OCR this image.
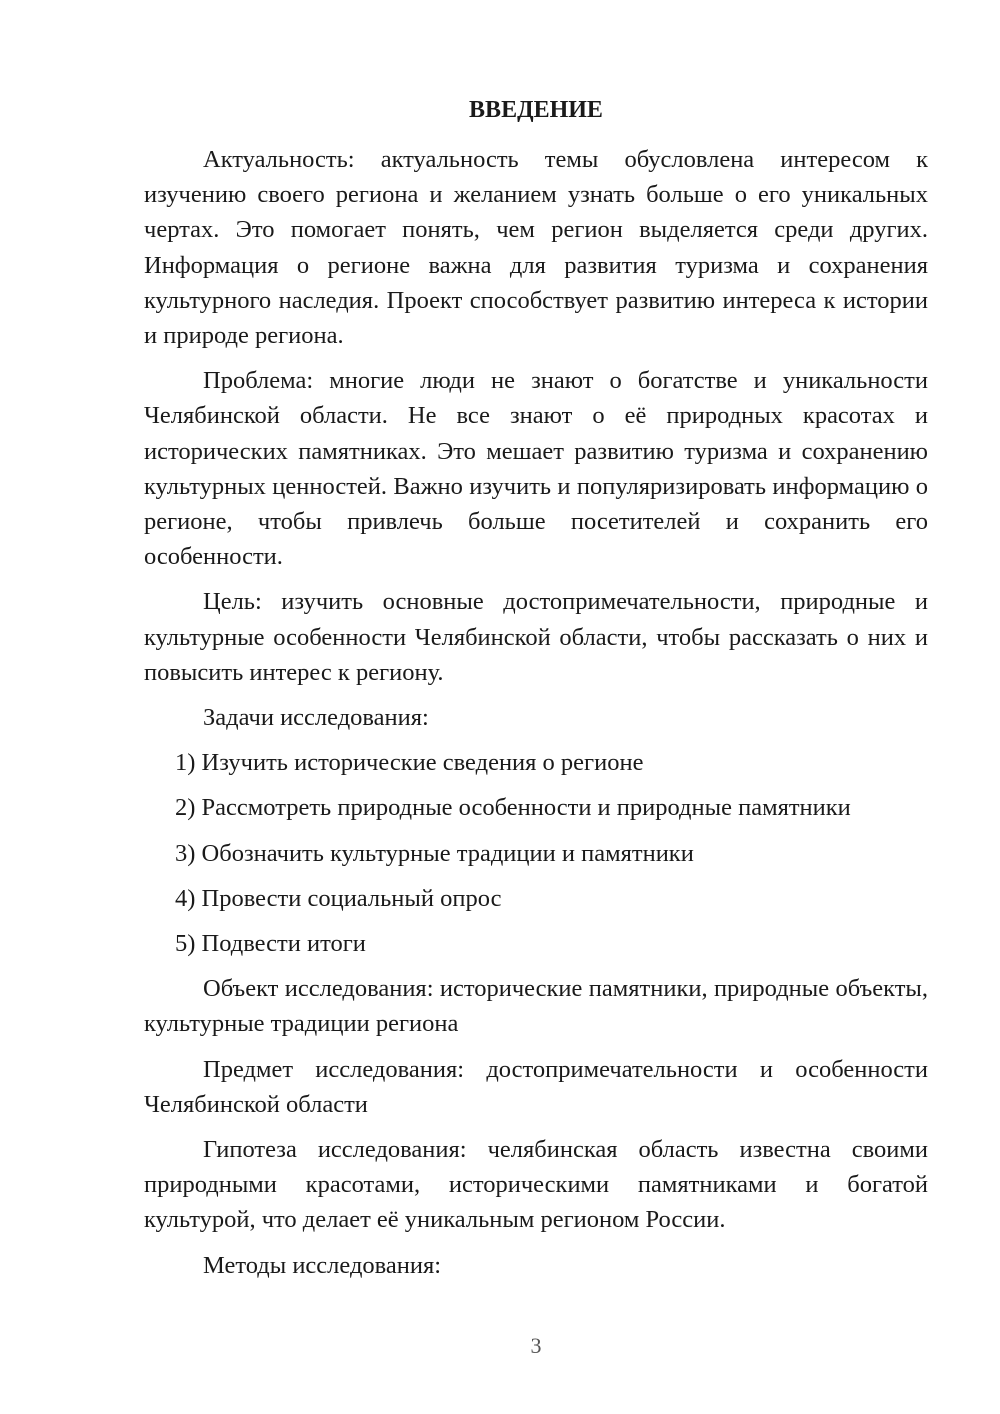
ВВЕДЕНИЕ

Актуальность: актуальность темы обусловлена интересом к изучению своего региона и желанием узнать больше о его уникальных чертах. Это помогает понять, чем регион выделяется среди других. Информация о регионе важна для развития туризма и сохранения культурного наследия. Проект способствует развитию интереса к истории и природе региона.

Проблема: многие люди не знают о богатстве и уникальности Челябинской области. Не все знают о её природных красотах и исторических памятниках. Это мешает развитию туризма и сохранению культурных ценностей. Важно изучить и популяризировать информацию о регионе, чтобы привлечь больше посетителей и сохранить его особенности.

Цель: изучить основные достопримечательности, природные и культурные особенности Челябинской области, чтобы рассказать о них и повысить интерес к региону.

Задачи исследования:

1) Изучить исторические сведения о регионе
2) Рассмотреть природные особенности и природные памятники
3) Обозначить культурные традиции и памятники
4) Провести социальный опрос
5) Подвести итоги

Объект исследования: исторические памятники, природные объекты, культурные традиции региона

Предмет исследования: достопримечательности и особенности Челябинской области

Гипотеза исследования: челябинская область известна своими природными красотами, историческими памятниками и богатой культурой, что делает её уникальным регионом России.

Методы исследования:

3
